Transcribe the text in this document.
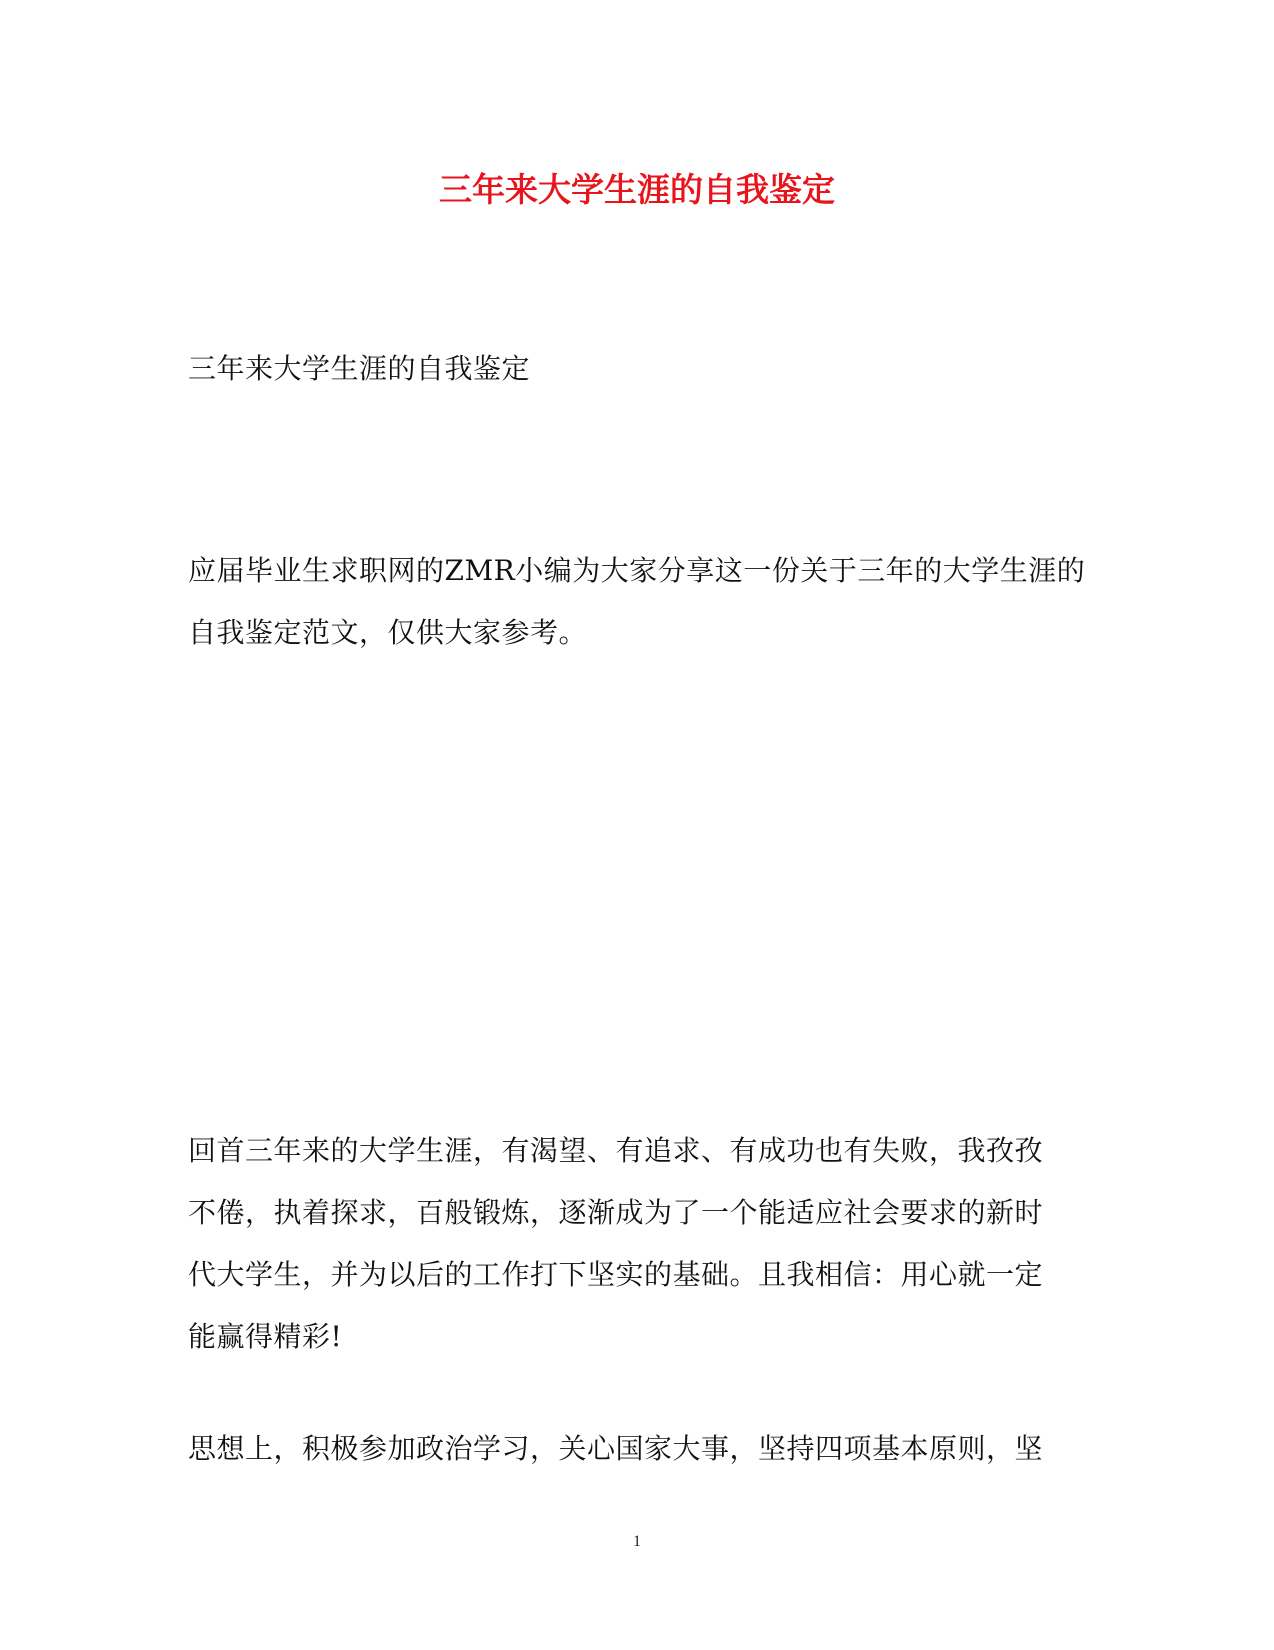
三年来大学生涯的自我鉴定

三年来大学生涯的自我鉴定

应届毕业生求职网的ZMR小编为大家分享这一份关于三年的大学生涯的
自我鉴定范文，仅供大家参考。

回首三年来的大学生涯，有渴望、有追求、有成功也有失败，我孜孜
不倦，执着探求，百般锻炼，逐渐成为了一个能适应社会要求的新时
代大学生，并为以后的工作打下坚实的基础。且我相信：用心就一定
能赢得精彩!

思想上，积极参加政治学习，关心国家大事，坚持四项基本原则，坚

1
